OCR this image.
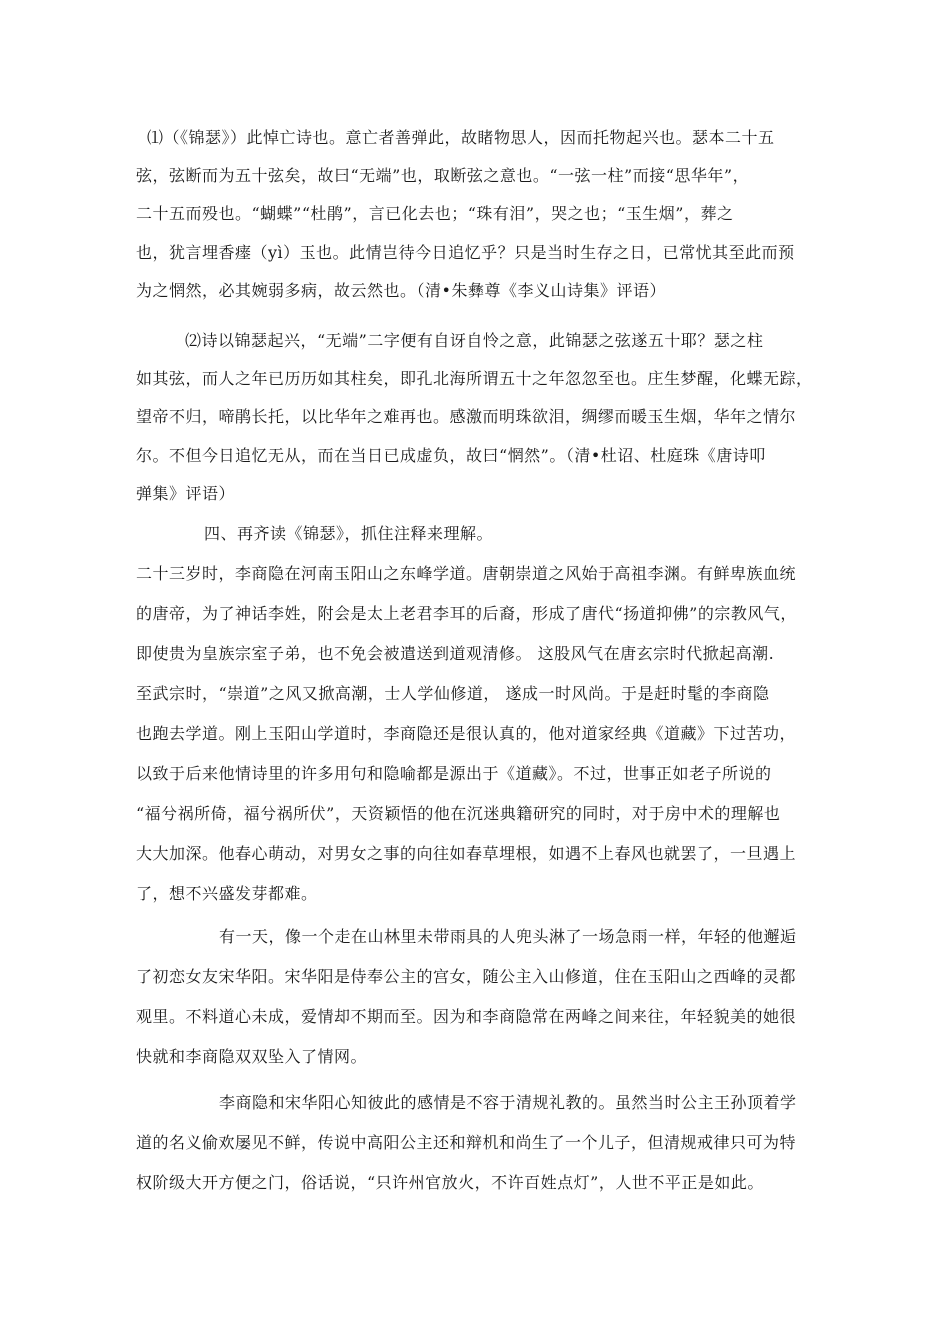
⑴（《锦瑟》）此悼亡诗也。意亡者善弹此，故睹物思人，因而托物起兴也。瑟本二十五
弦，弦断而为五十弦矣，故曰“无端”也，取断弦之意也。“一弦一柱”而接“思华年”，
二十五而殁也。“蝴蝶”“杜鹃”，言已化去也；“珠有泪”，哭之也；“玉生烟”，葬之
也，犹言埋香瘗（yì）玉也。此情岂待今日追忆乎？只是当时生存之日，已常忧其至此而预
为之惘然，必其婉弱多病，故云然也。（清•朱彝尊《李义山诗集》评语）
⑵诗以锦瑟起兴，“无端”二字便有自讶自怜之意，此锦瑟之弦遂五十耶？瑟之柱
如其弦，而人之年已历历如其柱矣，即孔北海所谓五十之年忽忽至也。庄生梦醒，化蝶无踪，
望帝不归，啼鹃长托，以比华年之难再也。感激而明珠欲泪，绸缪而暖玉生烟，华年之情尔
尔。不但今日追忆无从，而在当日已成虚负，故曰“惘然”。（清•杜诏、杜庭珠《唐诗叩
弹集》评语）
四、再齐读《锦瑟》，抓住注释来理解。
二十三岁时，李商隐在河南玉阳山之东峰学道。唐朝崇道之风始于高祖李渊。有鲜卑族血统
的唐帝，为了神话李姓，附会是太上老君李耳的后裔，形成了唐代“扬道抑佛”的宗教风气，
即使贵为皇族宗室子弟，也不免会被遣送到道观清修。 这股风气在唐玄宗时代掀起高潮.
至武宗时，“崇道”之风又掀高潮，士人学仙修道， 遂成一时风尚。于是赶时髦的李商隐
也跑去学道。刚上玉阳山学道时，李商隐还是很认真的，他对道家经典《道藏》下过苦功，
以致于后来他情诗里的许多用句和隐喻都是源出于《道藏》。不过，世事正如老子所说的
“福兮祸所倚，福兮祸所伏”，天资颖悟的他在沉迷典籍研究的同时，对于房中术的理解也
大大加深。他春心萌动，对男女之事的向往如春草埋根，如遇不上春风也就罢了，一旦遇上
了，想不兴盛发芽都难。
有一天，像一个走在山林里未带雨具的人兜头淋了一场急雨一样，年轻的他邂逅
了初恋女友宋华阳。宋华阳是侍奉公主的宫女，随公主入山修道，住在玉阳山之西峰的灵都
观里。不料道心未成，爱情却不期而至。因为和李商隐常在两峰之间来往，年轻貌美的她很
快就和李商隐双双坠入了情网。
李商隐和宋华阳心知彼此的感情是不容于清规礼教的。虽然当时公主王孙顶着学
道的名义偷欢屡见不鲜，传说中高阳公主还和辩机和尚生了一个儿子，但清规戒律只可为特
权阶级大开方便之门，俗话说，“只许州官放火，不许百姓点灯”，人世不平正是如此。
